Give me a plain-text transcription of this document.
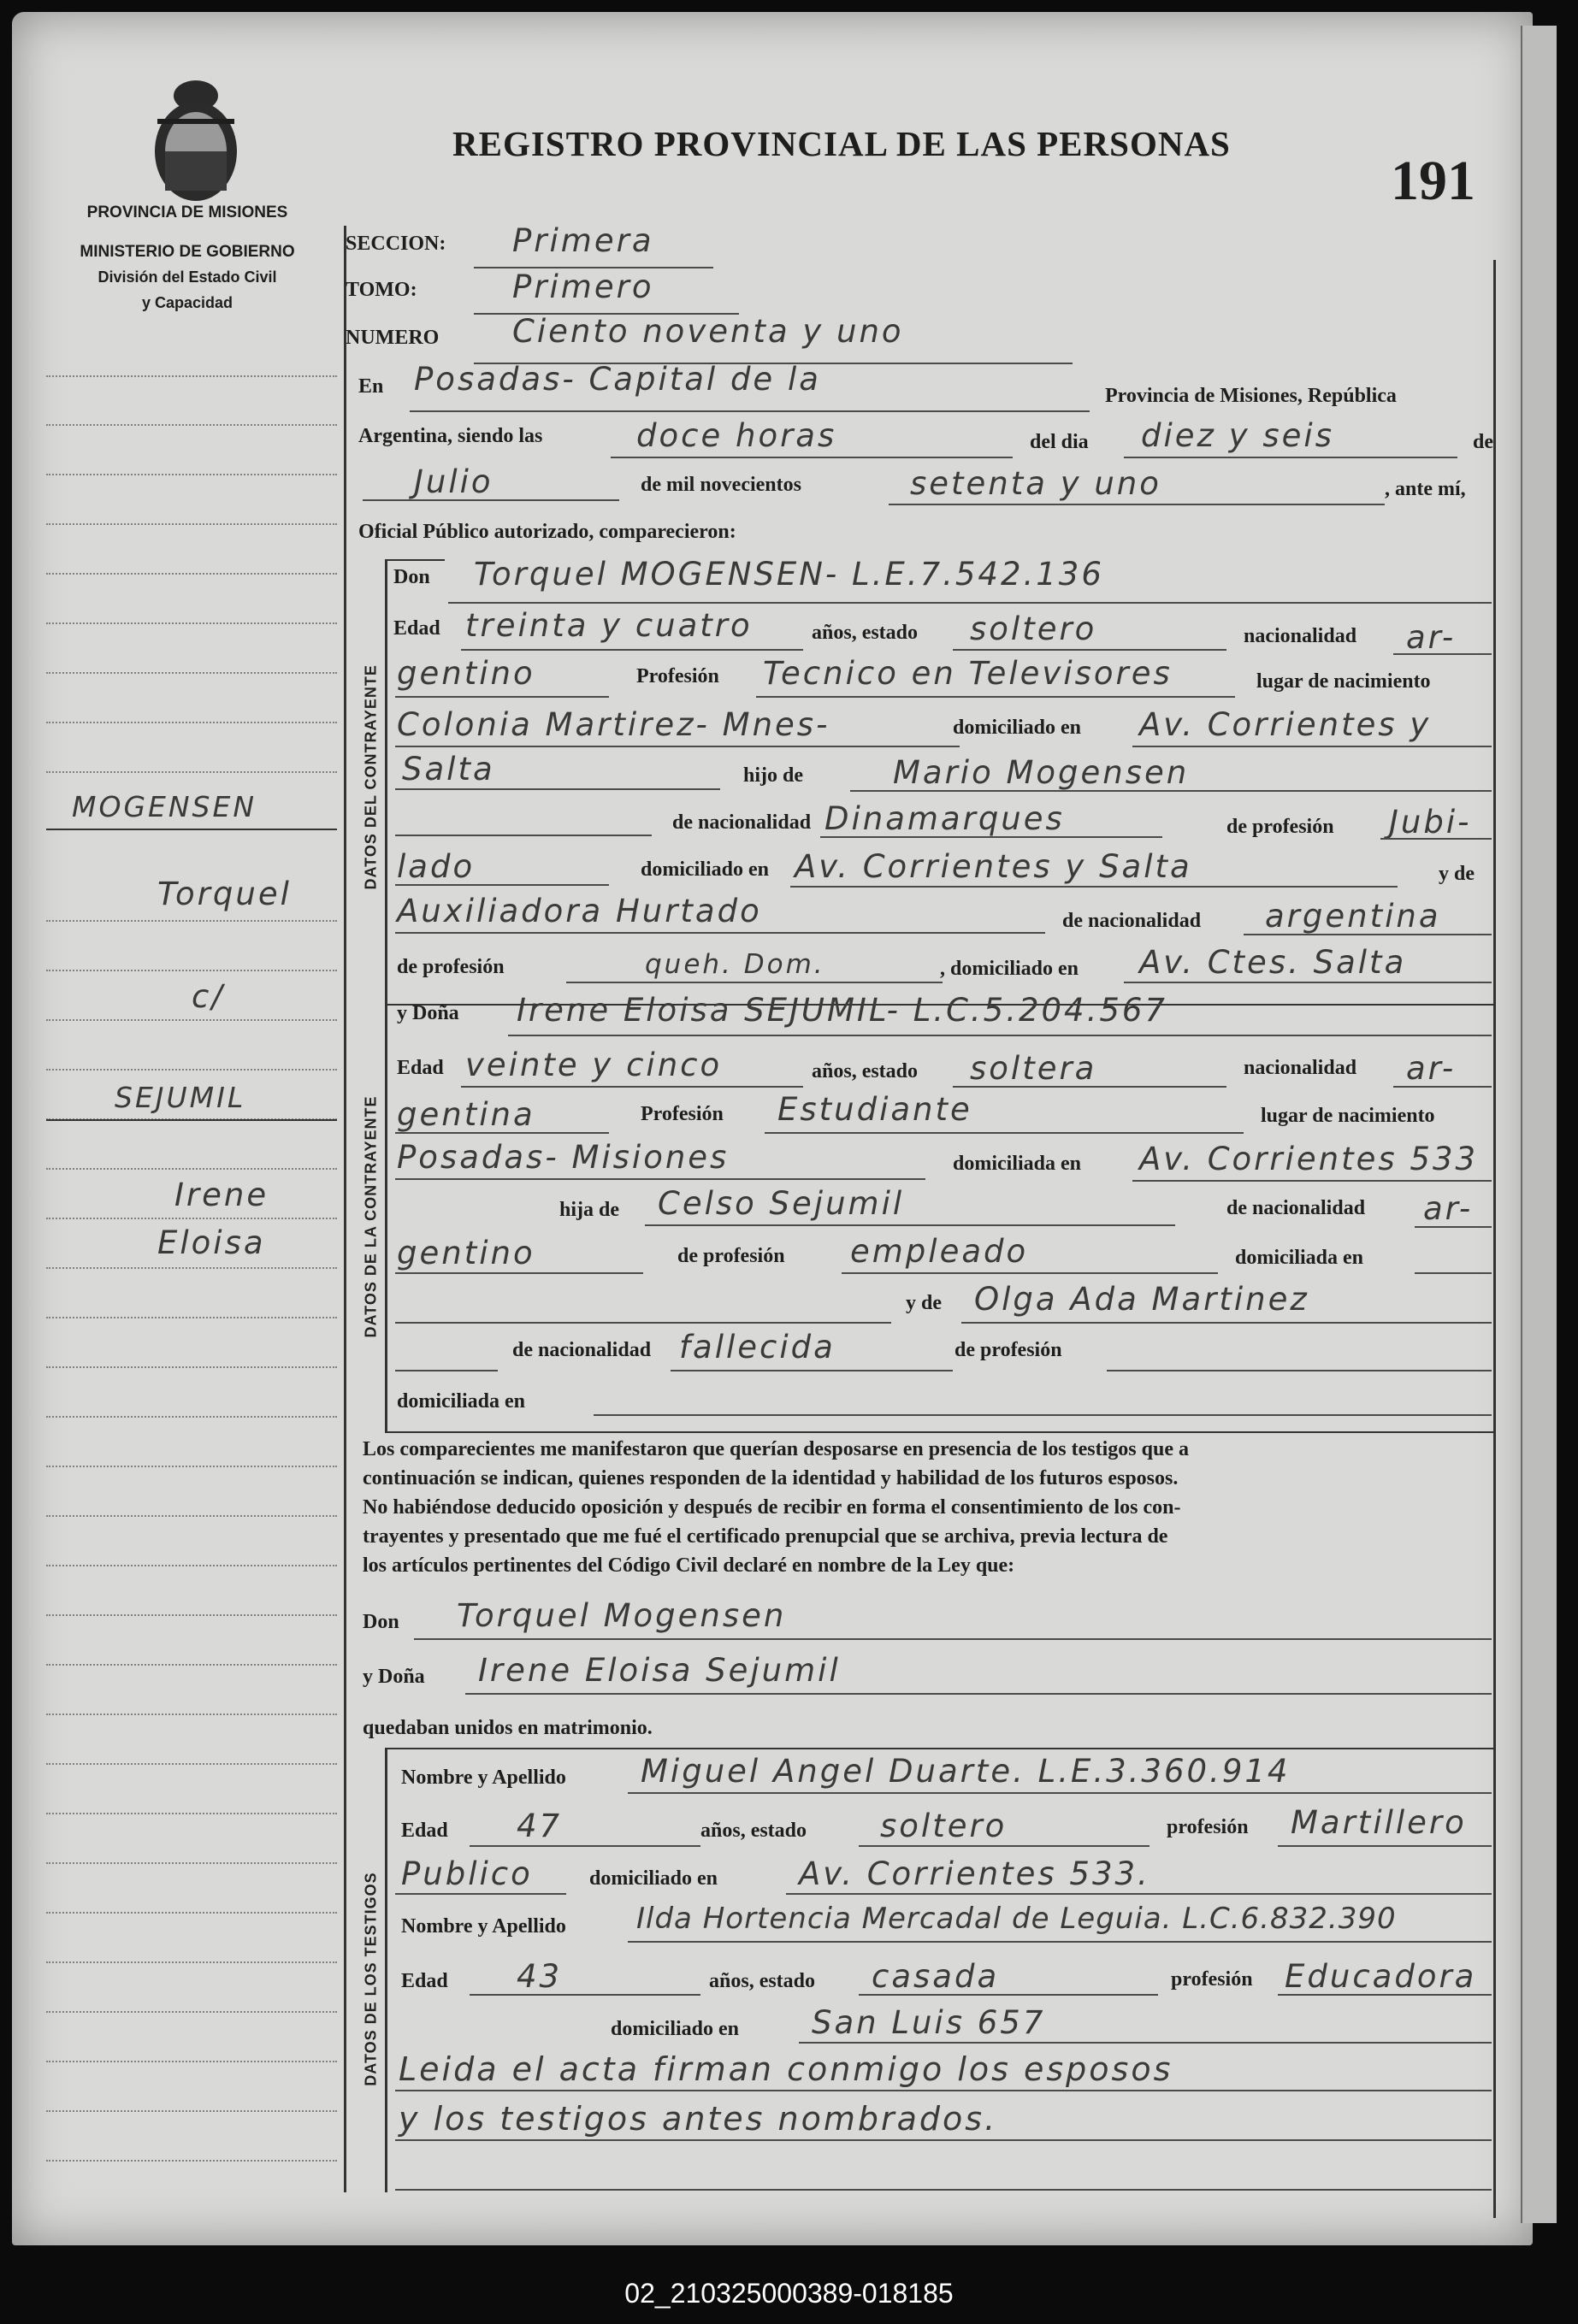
PROVINCIA DE MISIONES
MINISTERIO DE GOBIERNO
División del Estado Civil
y Capacidad
REGISTRO PROVINCIAL DE LAS PERSONAS
191
MOGENSEN
Torquel
c/
SEJUMIL
Irene
Eloisa
SECCION: Primera
TOMO:	Primero
NUMERO Ciento noventa y uno
En Posadas- Capital de la	Provincia de Misiones, República
Argentina, siendo las	doce horas	del dia diez y seis	de
Julio	de mil novecientos	setenta y uno	, ante mí,
Oficial Público autorizado, comparecieron:
DATOS DEL CONTRAYENTE
Don Torquel MOGENSEN- L.E.7.542.136
Edad treinta y cuatro	años, estado soltero	nacionalidad ar-
gentino	Profesión Tecnico en Televisores	lugar de nacimiento
Colonia Martirez- Mnes-	domiciliado en Av. Corrientes y
Salta	hijo de	Mario Mogensen
de nacionalidad Dinamarques	de profesión Jubi-
lado	domiciliado en Av. Corrientes y Salta	y de
Auxiliadora Hurtado	de nacionalidad argentina
de profesión	queh. Dom.	, domiciliado en Av. Ctes. Salta
DATOS DE LA CONTRAYENTE
y Doña Irene Eloisa SEJUMIL- L.C.5.204.567
Edad veinte y cinco	años, estado soltera	nacionalidad ar-
gentina	Profesión Estudiante	lugar de nacimiento
Posadas- Misiones	domiciliada en Av. Corrientes 533
hija de Celso Sejumil	de nacionalidad ar-
gentino	de profesión empleado	domiciliada en
y de Olga Ada Martinez
de nacionalidad fallecida	de profesión
domiciliada en
Los comparecientes me manifestaron que querían desposarse en presencia de los testigos que a
continuación se indican, quienes responden de la identidad y habilidad de los futuros esposos.
No habiéndose deducido oposición y después de recibir en forma el consentimiento de los con-
trayentes y presentado que me fué el certificado prenupcial que se archiva, previa lectura de
los artículos pertinentes del Código Civil declaré en nombre de la Ley que:
Don Torquel Mogensen
y Doña Irene Eloisa Sejumil
quedaban unidos en matrimonio.
DATOS DE LOS TESTIGOS
Nombre y Apellido Miguel Angel Duarte. L.E.3.360.914
Edad 47	años, estado soltero	profesión Martillero
Publico	domiciliado en	Av. Corrientes 533.
Nombre y Apellido Ilda Hortencia Mercadal de Leguia. L.C.6.832.390
Edad 43	años, estado casada	profesión Educadora
domiciliado en San Luis 657
Leida el acta firman conmigo los esposos
y los testigos antes nombrados.
02_210325000389-018185
